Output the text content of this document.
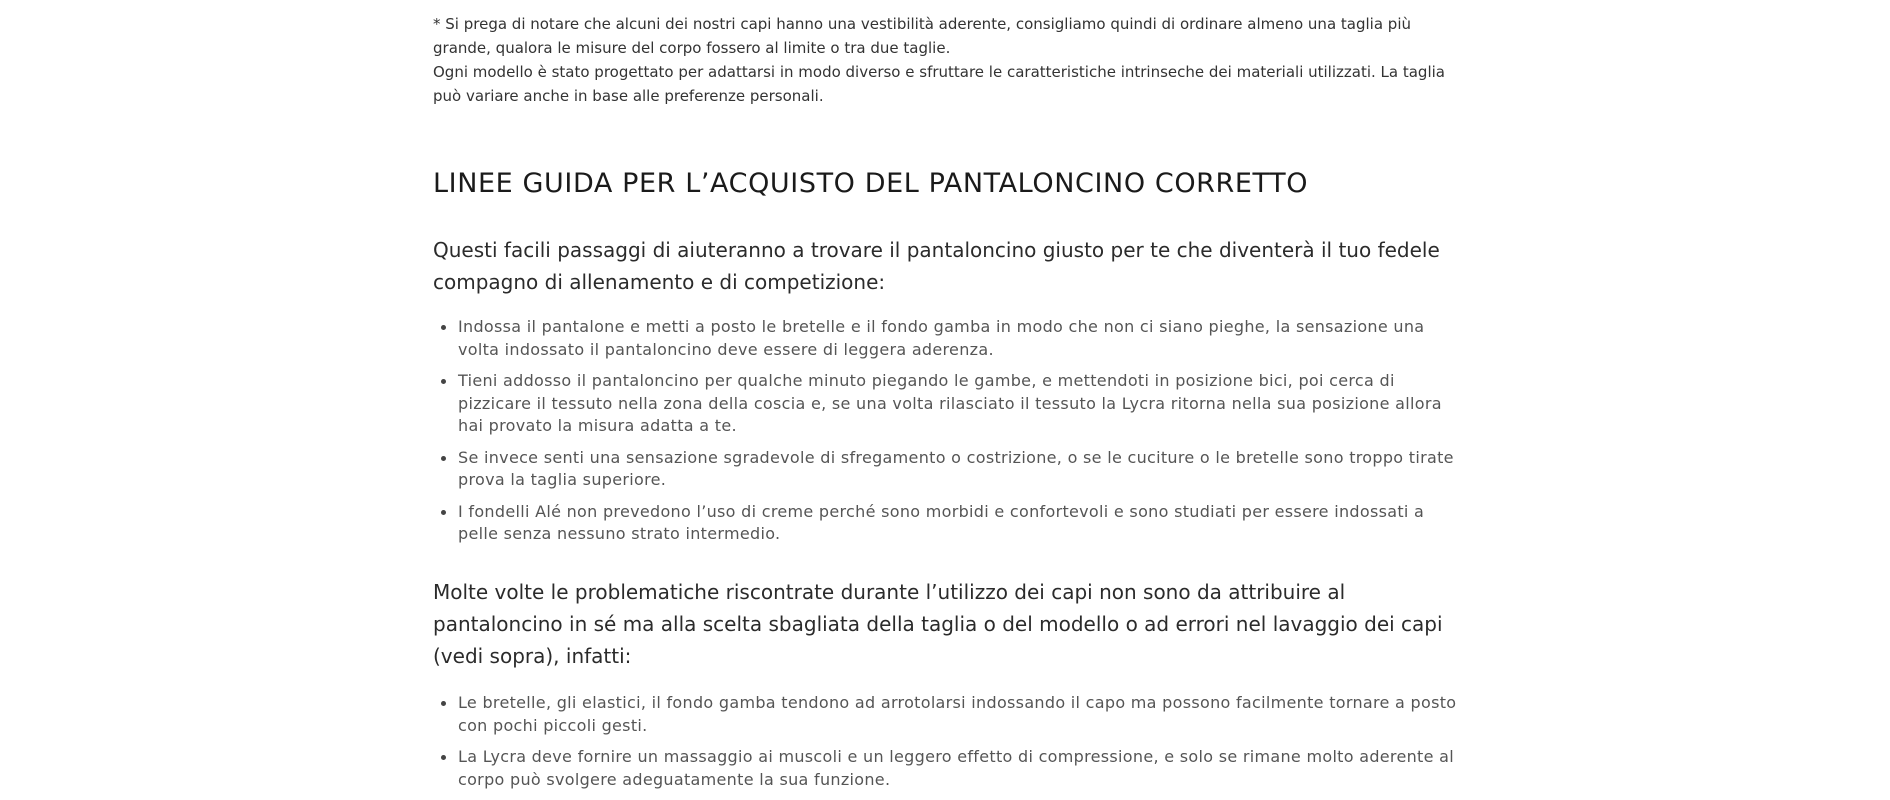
* Si prega di notare che alcuni dei nostri capi hanno una vestibilità aderente, consigliamo quindi di ordinare almeno una taglia più grande, qualora le misure del corpo fossero al limite o tra due taglie.

Ogni modello è stato progettato per adattarsi in modo diverso e sfruttare le caratteristiche intrinseche dei materiali utilizzati. La taglia può variare anche in base alle preferenze personali.

LINEE GUIDA PER L’ACQUISTO DEL PANTALONCINO CORRETTO

Questi facili passaggi di aiuteranno a trovare il pantaloncino giusto per te che diventerà il tuo fedele compagno di allenamento e di competizione:

Indossa il pantalone e metti a posto le bretelle e il fondo gamba in modo che non ci siano pieghe, la sensazione una volta indossato il pantaloncino deve essere di leggera aderenza.
Tieni addosso il pantaloncino per qualche minuto piegando le gambe, e mettendoti in posizione bici, poi cerca di pizzicare il tessuto nella zona della coscia e, se una volta rilasciato il tessuto la Lycra ritorna nella sua posizione allora hai provato la misura adatta a te.
Se invece senti una sensazione sgradevole di sfregamento o costrizione, o se le cuciture o le bretelle sono troppo tirate prova la taglia superiore.
I fondelli Alé non prevedono l’uso di creme perché sono morbidi e confortevoli e sono studiati per essere indossati a pelle senza nessuno strato intermedio.

Molte volte le problematiche riscontrate durante l’utilizzo dei capi non sono da attribuire al pantaloncino in sé ma alla scelta sbagliata della taglia o del modello o ad errori nel lavaggio dei capi (vedi sopra), infatti:

Le bretelle, gli elastici, il fondo gamba tendono ad arrotolarsi indossando il capo ma possono facilmente tornare a posto con pochi piccoli gesti.
La Lycra deve fornire un massaggio ai muscoli e un leggero effetto di compressione, e solo se rimane molto aderente al corpo può svolgere adeguatamente la sua funzione.
